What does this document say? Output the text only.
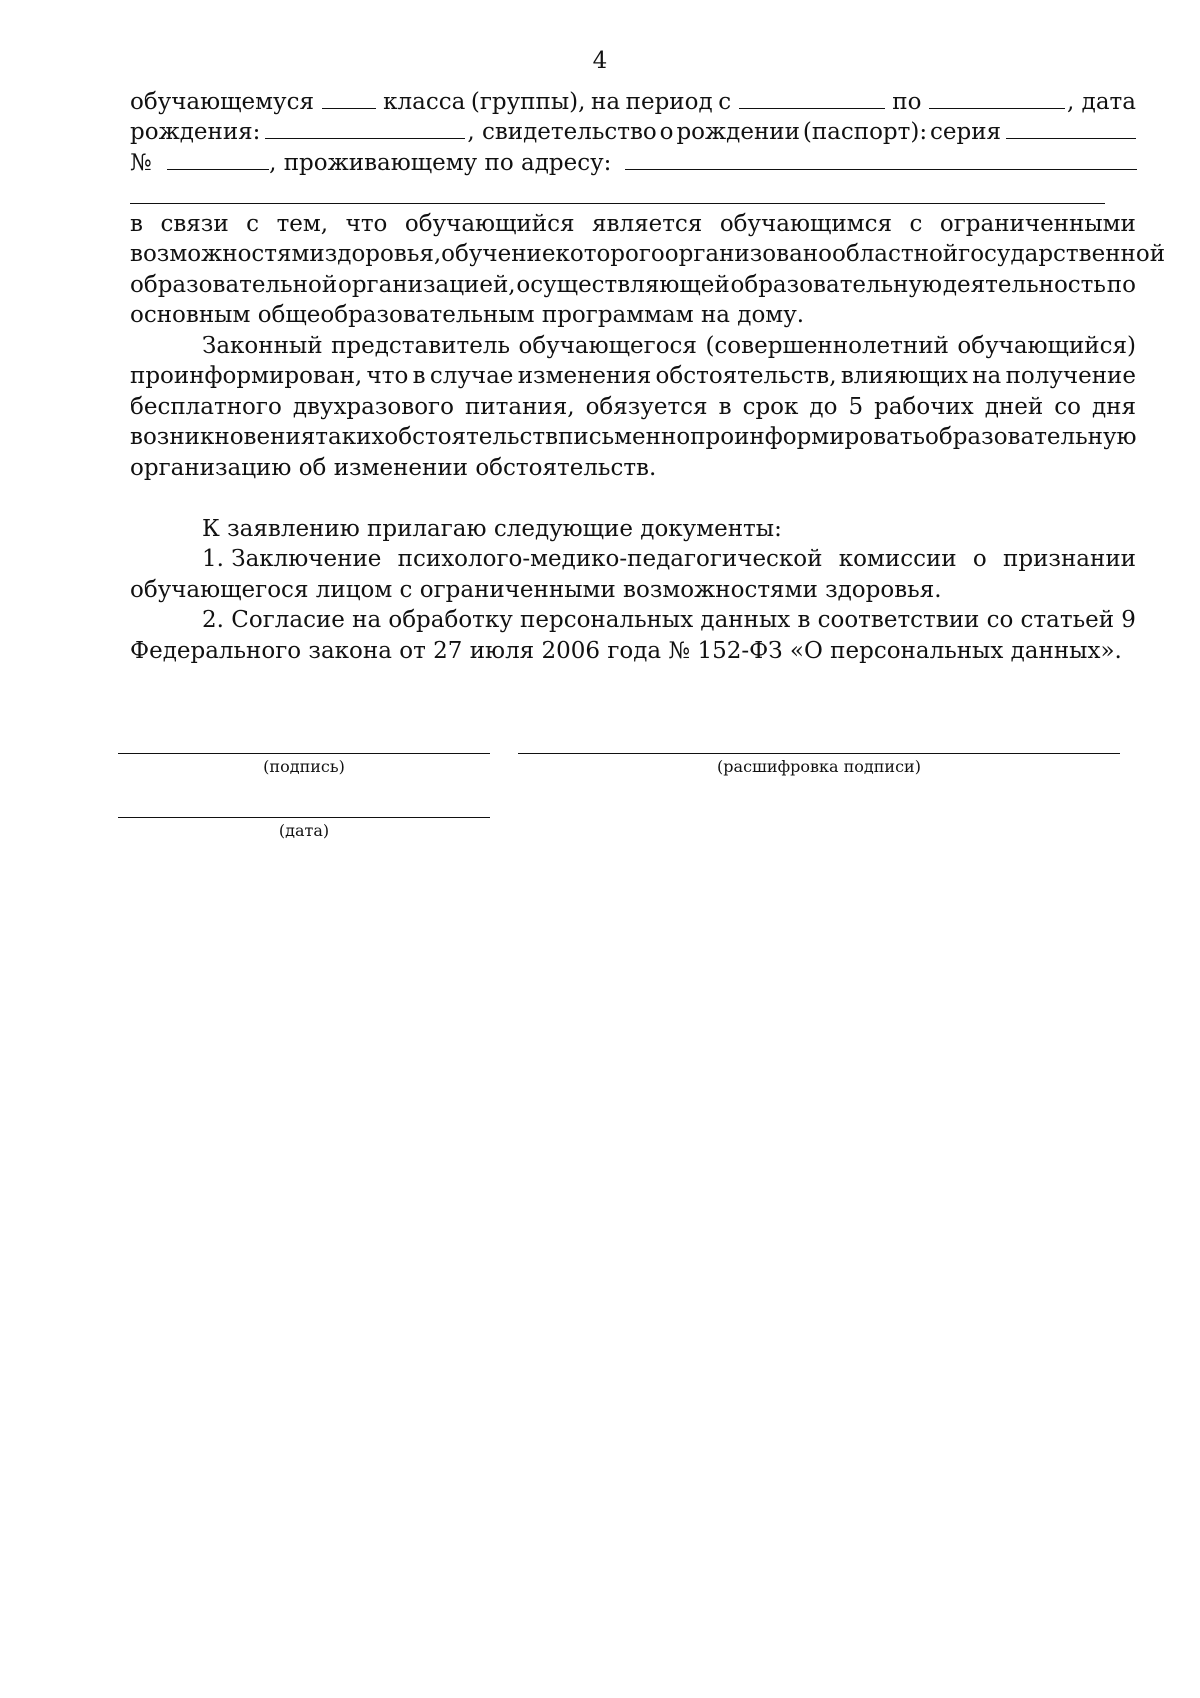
4
обучающемуся	класса (группы), на период с	по	, дата
рождения:	, свидетельство о рождении (паспорт): серия
№	, проживающему по адресу:
в связи с тем, что обучающийся является обучающимся с ограниченными
возможностями здоровья, обучение которого организовано областной государственной
образовательной организацией, осуществляющей образовательную деятельность по
основным общеобразовательным программам на дому.
Законный представитель обучающегося (совершеннолетний обучающийся)
проинформирован, что в случае изменения обстоятельств, влияющих на получение
бесплатного двухразового питания, обязуется в срок до 5 рабочих дней со дня
возникновения таких обстоятельств письменно проинформировать образовательную
организацию об изменении обстоятельств.
К заявлению прилагаю следующие документы:
1. Заключение психолого-медико-педагогической комиссии о признании
обучающегося лицом с ограниченными возможностями здоровья.
2. Согласие на обработку персональных данных в соответствии со статьей 9
Федерального закона от 27 июля 2006 года № 152-ФЗ «О персональных данных».
(подпись)	(расшифровка подписи)
(дата)
